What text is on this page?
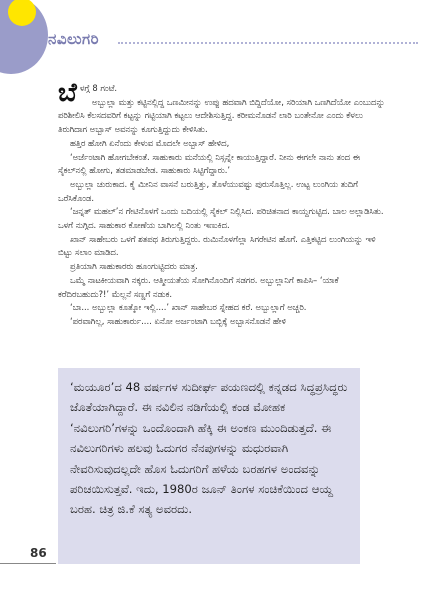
ನವಿಲುಗರಿ

ಬೆಳಗ್ಗೆ 8 ಗಂಟೆ.

ಅಬ್ಬುಲ್ಲಾ ಮತ್ತು ಕಟ್ಟಿನಲ್ಲಿದ್ದ ಒಣಮೀನನ್ನು ಉಪ್ಪು ಹದವಾಗಿ ಬಿದ್ದಿದೆಯೋ, ಸರಿಯಾಗಿ ಒಣಗಿದೆಯೋ ಎಂಬುದನ್ನು ಪರಿಶೀಲಿಸಿ ಕೆಲಸದವರಿಗೆ ಕಟ್ಟನ್ನು ಗಟ್ಟಿಯಾಗಿ ಕಟ್ಟಲು ಆದೇಶಿಸುತ್ತಿದ್ದ. ಕರೀಮನೊಡನೆ ಲಾರಿ ಬಂತೇನೋ ಎಂದು ಕೆಳಲು ತಿರುಗಿದಾಗ ಅಬ್ಬಾಸ್ ಅವನನ್ನು ಕೂಗುತ್ತಿದ್ದುದು ಕೇಳಿಸಿತು.

ಹತ್ತಿರ ಹೋಗಿ ಏನೆಂದು ಕೇಳುವ ಮೊದಲೇ ಅಬ್ಬಾಸ್ ಹೇಳಿದ,

‘ಅರ್ಜೆಂಟಾಗಿ ಹೋಗಬೇಕಂತೆ. ಸಾಹುಕಾರು ಮನೆಯಲ್ಲಿ ನಿಸ್ಸನ್ನೇ ಕಾಯುತ್ತಿದ್ದಾರೆ. ನೀನು ಈಗಲೇ ನಾನು ತಂದ ಈ ಸೈಕಲ್‌ನಲ್ಲಿ ಹೋಗು, ತಡಮಾಡಬೇಡ. ಸಾಹುಕಾರು ಸಿಟ್ಟಿಗೆದ್ದಾರು.’

ಅಬ್ಬುಲ್ಲಾ ಚುರುಕಾದ. ಕೈ ಮೀನಿನ ವಾಸನೆ ಬರುತ್ತಿತ್ತು, ತೊಳೆಯುವಷ್ಟು ಪುರುಸೊತ್ತಿಲ್ಲ. ಉಟ್ಟ ಲುಂಗಿಯ ತುದಿಗೆ ಒರೆಸಿಕೊಂಡ.

‘ಜನ್ನತ್ ಮಹಲ್’ನ ಗೇಟಿನೊಳಗೆ ಒಂದು ಬದಿಯಲ್ಲಿ ಸೈಕಲ್ ನಿಲ್ಲಿಸಿದ. ಪರಿಚಿತನಾದ ಕಾಯ್ದಗುಟ್ಟಿದ. ಬಾಲ ಅಲ್ಲಾಡಿಸಿತು. ಒಳಗೆ ನುಗ್ಗಿದ. ಸಾಹುಕಾರ ಕೋಣೆಯ ಬಾಗಿಲಲ್ಲಿ ನಿಂತು ಇಣುಕಿದ.

ಖಾನ್ ಸಾಹೇಬರು ಒಳಗೆ ಶತಪಥ ತಿರುಗುತ್ತಿದ್ದರು. ರುಮಿನೊಳಗೆಲ್ಲಾ ಸಿಗರೇಟಿನ ಹೊಗೆ. ಎತ್ತಿಕಟ್ಟಿದ ಲುಂಗಿಯನ್ನು ಇಳಿ ಬಿಟ್ಟು ಸಲಾಂ ಮಾಡಿದ.

ಪ್ರತಿಯಾಗಿ ಸಾಹುಕಾರರು ಹೂಂಗುಟ್ಟಿದರು ಮಾತ್ರ.

ಒಮ್ಮೆ ನಾಟಕೀಯವಾಗಿ ನಕ್ಕರು. ಆತ್ಮೀಯತೆಯ ಸೋಗಿನೊಂದಿಗೆ ಸಡಗರ. ಅಬ್ಬುಲ್ಲಾನಿಗೆ ಕಾಪಿಸಿ– ‘ಯಾಕೆ ಕರೆದಿರಬಹುದು?!’ ಮೆಲ್ಲನೆ ಸಣ್ಣಗೆ ನಡುಕ.

‘ಬಾ... ಅಬ್ಬುಲ್ಲಾ ಕೂತ್ಕೋ ಇಲ್ಲಿ....’ ಖಾನ್ ಸಾಹೇಬರ ಸ್ನೇಹದ ಕರೆ. ಅಬ್ಬುಲ್ಲಾಗೆ ಅಚ್ಚರಿ.

‘ಪರವಾಗಿಲ್ಲ, ಸಾಹುಕಾರ್ರು.... ಏನೋ ಅರ್ಜಂಟಾಗಿ ಬಬ್ಬಿಕ್ಕೆ ಅಬ್ಬಾಸನೊಡನೆ ಹೇಳಿ

‘ಮಯೂರ’ದ 48 ವರ್ಷಗಳ ಸುದೀರ್ಘ ಪಯಣದಲ್ಲಿ ಕನ್ನಡದ ಸಿದ್ಧಪ್ರಸಿದ್ಧರು ಜೊತೆಯಾಗಿದ್ದಾರೆ. ಈ ನವಿಲಿನ ನಡಿಗೆಯಲ್ಲಿ ಕಂಡ ಮೋಹಕ ‘ನವಿಲುಗರಿ’ಗಳನ್ನು ಒಂದೊಂದಾಗಿ ಹೆಕ್ಕಿ ಈ ಅಂಕಣ ಮುಂದಿಡುತ್ತದೆ. ಈ ನವಿಲುಗರಿಗಳು ಹಲವು ಓದುಗರ ನೆನಪುಗಳನ್ನು ಮಧುರವಾಗಿ ನೇವರಿಸುವುದಲ್ಲದೇ ಹೊಸ ಓದುಗರಿಗೆ ಹಳೆಯ ಬರಹಗಳ ಅಂದವನ್ನು ಪರಿಚಯಿಸುತ್ತವೆ. ಇದು, 1980ರ ಜೂನ್ ತಿಂಗಳ ಸಂಚಿಕೆಯಿಂದ ಆಯ್ದ ಬರಹ. ಚಿತ್ರ ಜಿ.ಕೆ ಸತ್ಯ ಅವರದು.
86
